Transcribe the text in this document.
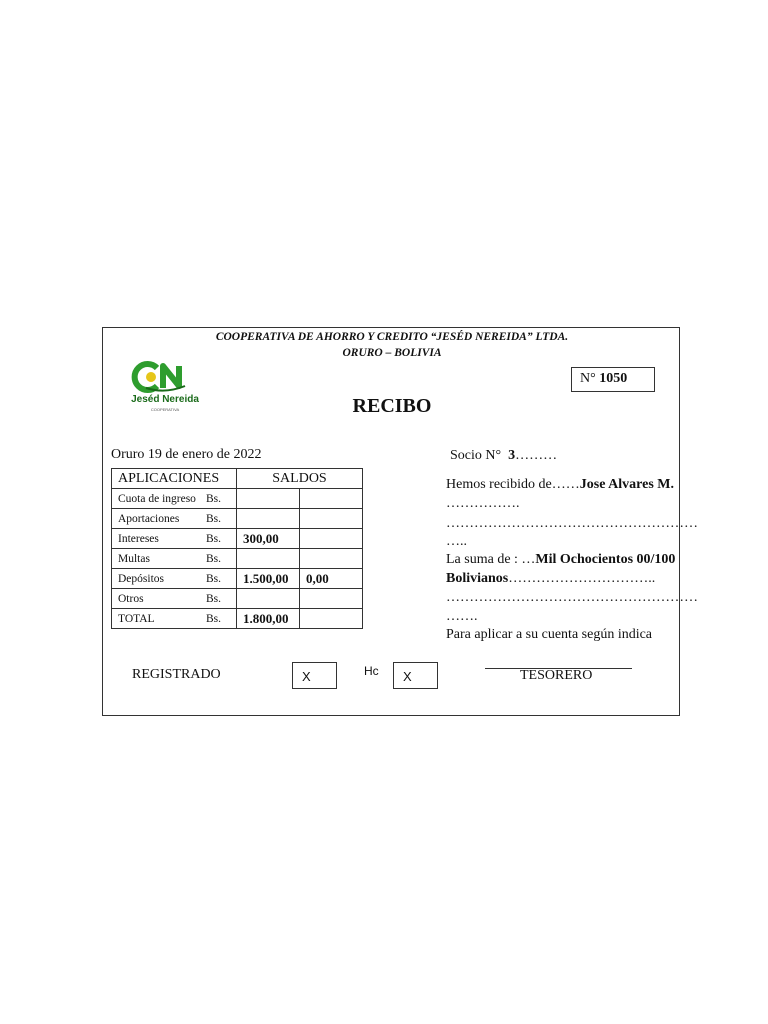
COOPERATIVA DE AHORRO Y CREDITO “JESÉD NEREIDA” LTDA.
ORURO – BOLIVIA
Jeséd Nereida
COOPERATIVA
N° 1050
RECIBO
Oruro 19 de enero de 2022
APLICACIONES	SALDOS	
Cuota de ingreso Bs.		
Aportaciones Bs.		
Intereses Bs.	300,00	
Multas Bs.		
Depósitos Bs.	1.500,00	0,00
Otros Bs.		
TOTAL Bs.	1.800,00	
Socio N° 3………
Hemos recibido de……Jose Alvares M.
…………….
………………………………………………
…..
La suma de : …Mil Ochocientos 00/100
Bolivianos…………………………..
………………………………………………
…….
Para aplicar a su cuenta según indica
REGISTRADO	X	Hc	X	TESORERO
